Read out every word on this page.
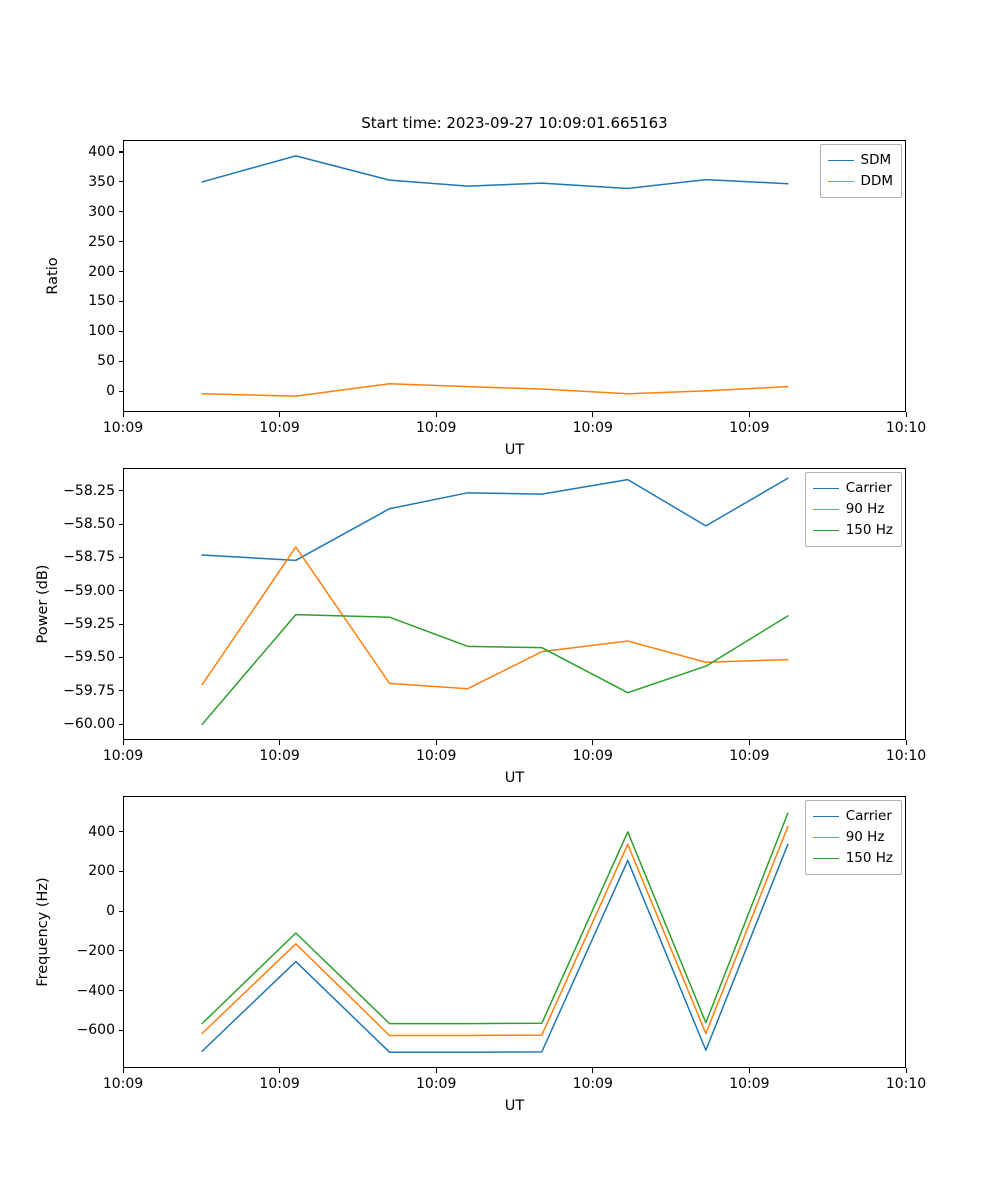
Start time: 2023-09-27 10:09:01.665163
SDM
DDM
0
50
100
150
200
250
300
350
400
10:09	10:09	10:09	10:09	10:09	10:10
UT
Ratio
Carrier
90 Hz
150 Hz
−60.00
−59.75
−59.50
−59.25
−59.00
−58.75
−58.50
−58.25
10:09	10:09	10:09	10:09	10:09	10:10
UT
Power (dB)
Carrier
90 Hz
150 Hz
−600
−400
−200
0
200
400
10:09	10:09	10:09	10:09	10:09	10:10
UT
Frequency (Hz)
